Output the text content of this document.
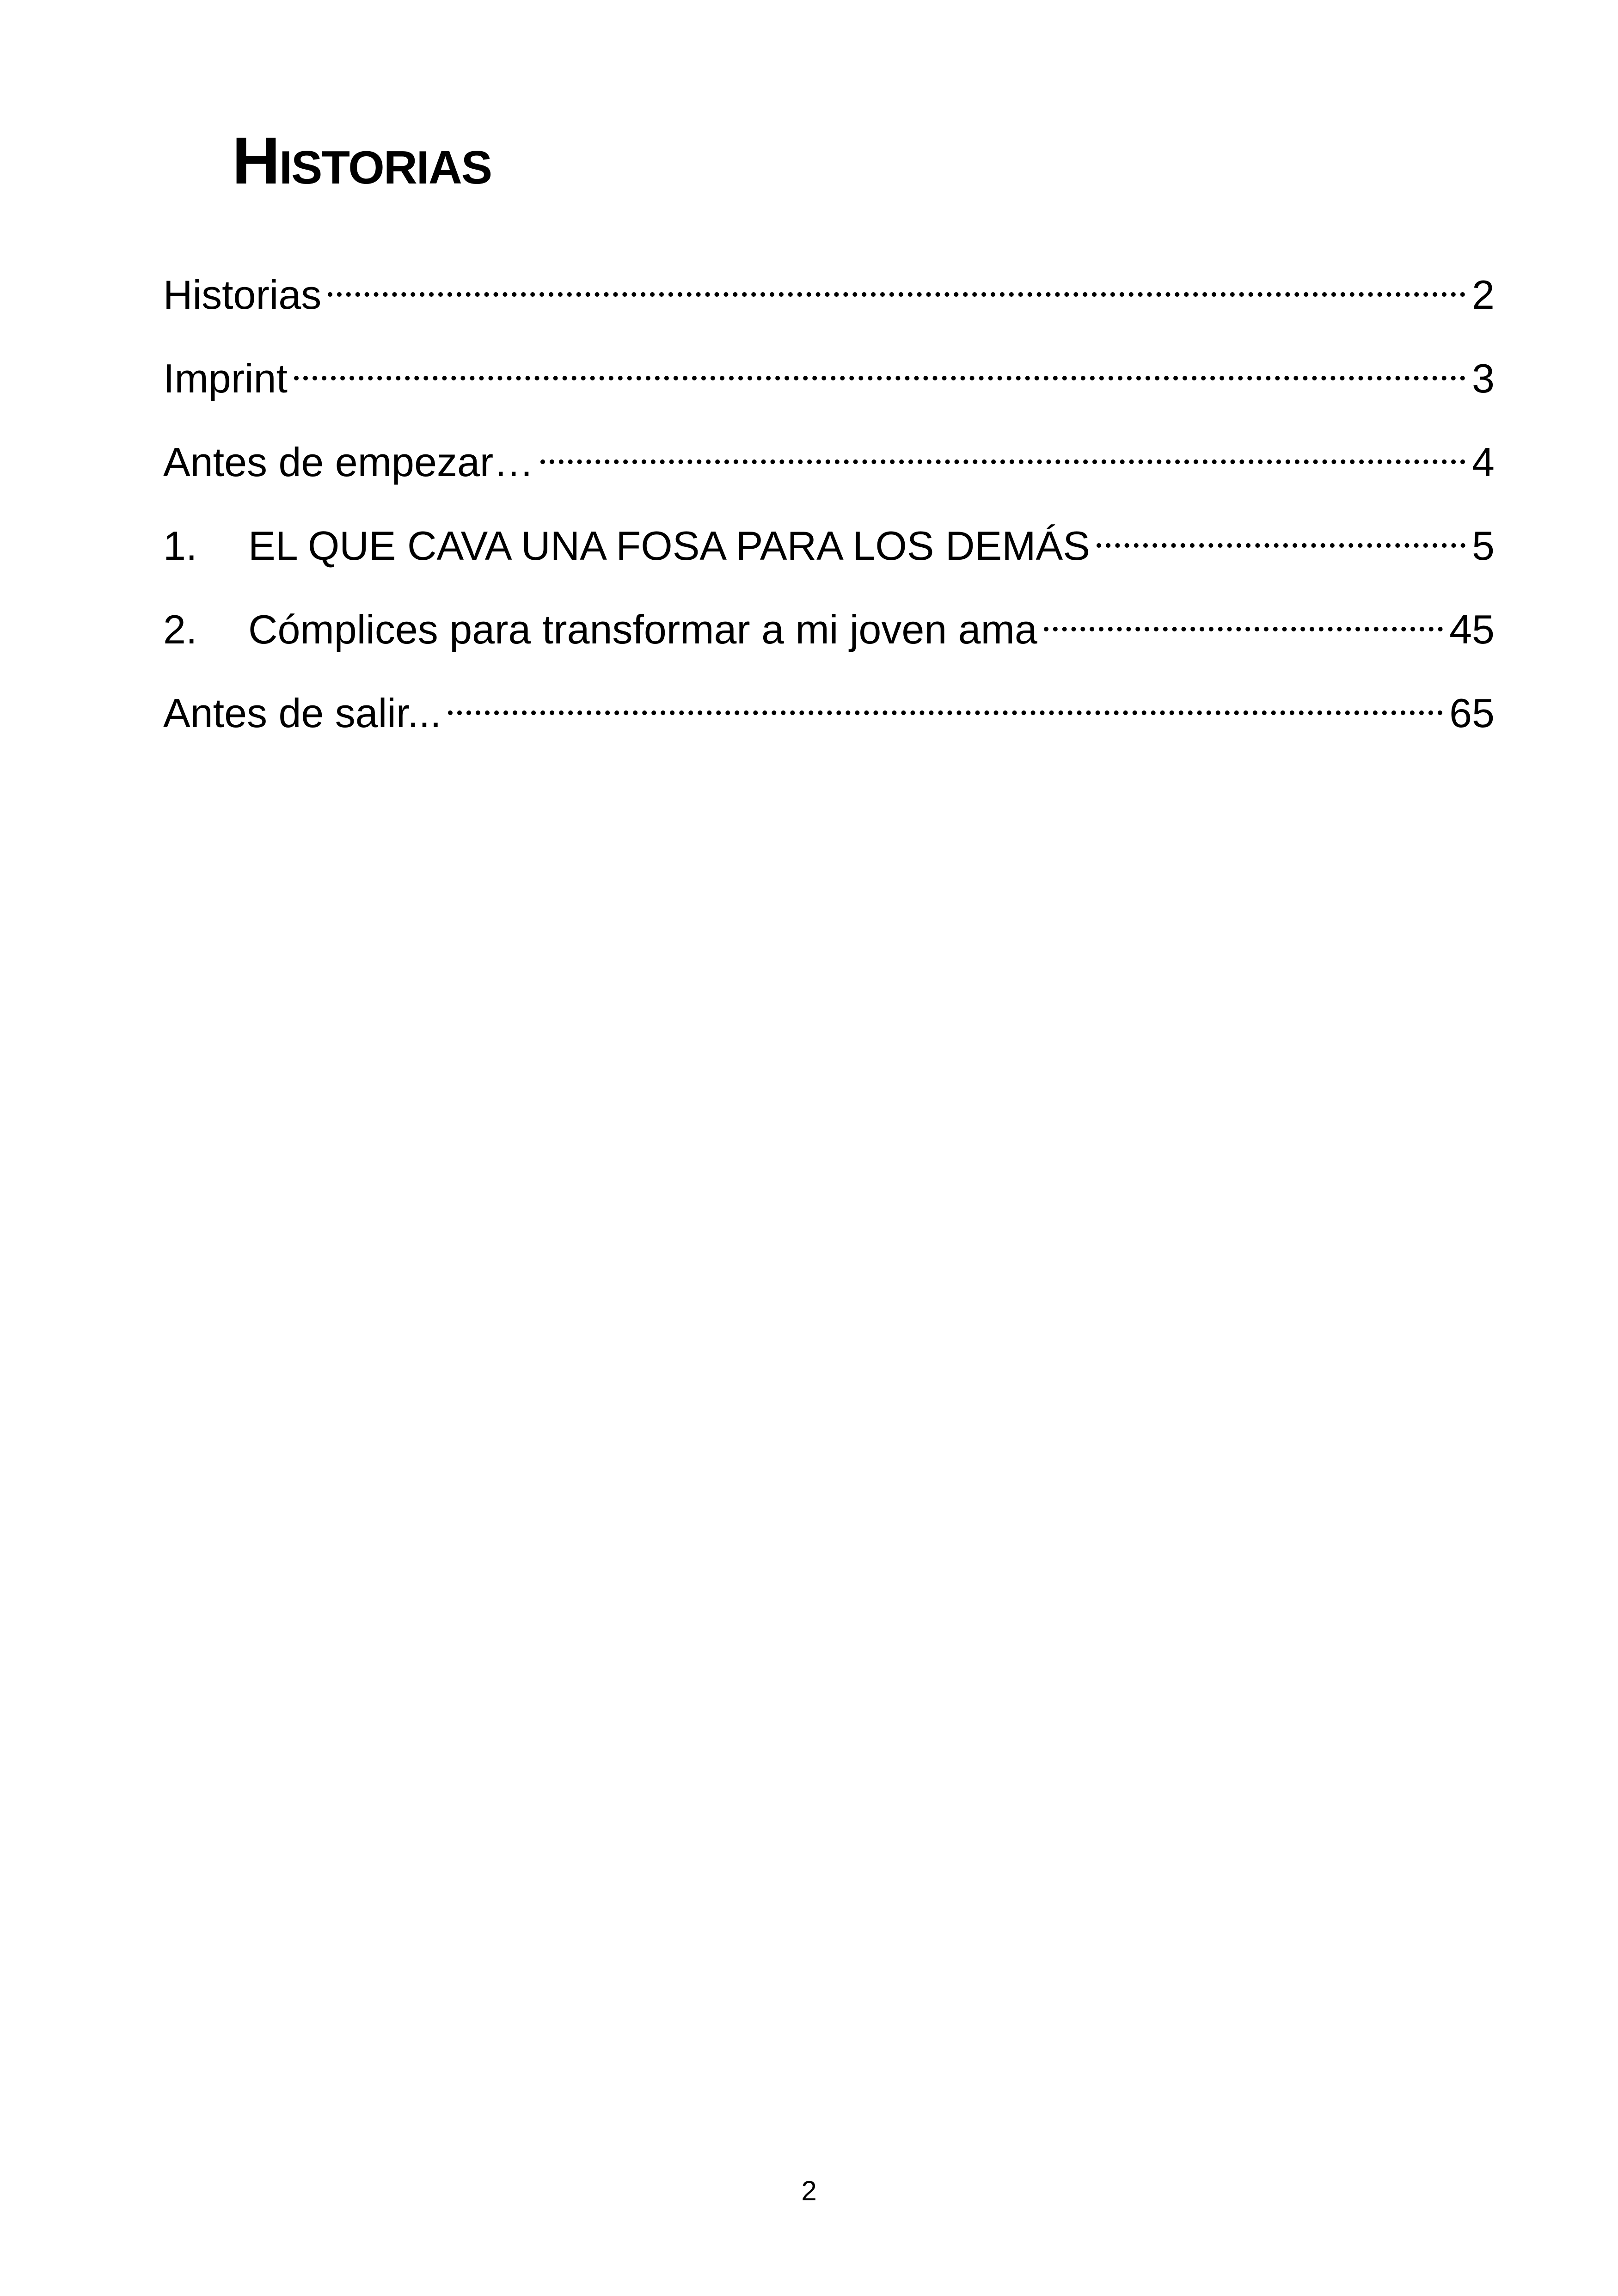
Historias
Historias	2
Imprint	3
Antes de empezar…	4
1.	EL QUE CAVA UNA FOSA PARA LOS DEMÁS	5
2.	Cómplices para transformar a mi joven ama	45
Antes de salir...	65
2
